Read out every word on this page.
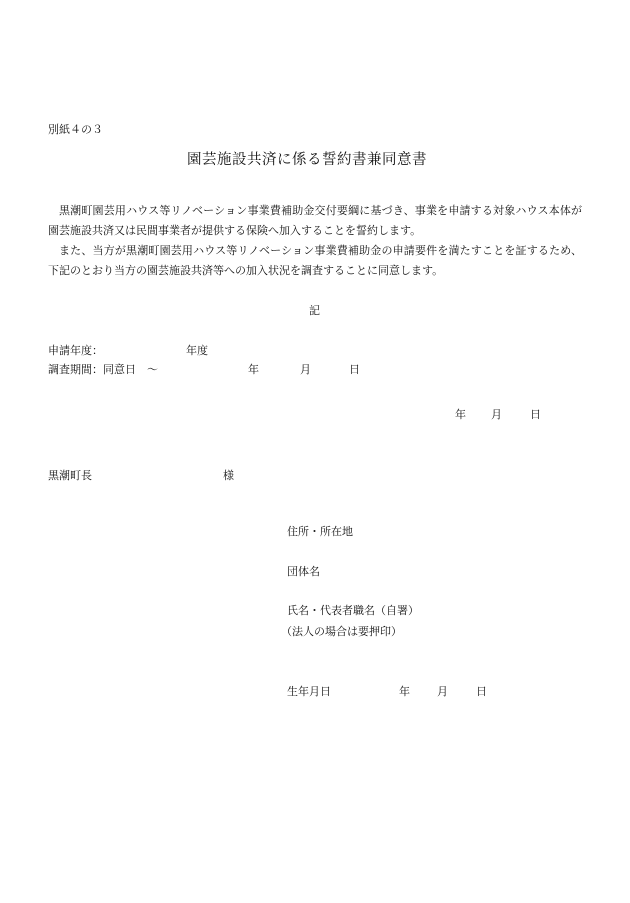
別紙４の３
園芸施設共済に係る誓約書兼同意書

黒潮町園芸用ハウス等リノベーション事業費補助金交付要綱に基づき、事業を申請する対象ハウス本体が園芸施設共済又は民間事業者が提供する保険へ加入することを誓約します。

また、当方が黒潮町園芸用ハウス等リノベーション事業費補助金の申請要件を満たすことを証するため、下記のとおり当方の園芸施設共済等への加入状況を調査することに同意します。

記
申請年度：	年度
調査期間：同意日　～	年	月	日
年 月	日
黒潮町長	様
住所・所在地
団体名
氏名・代表者職名（自署）
（法人の場合は要押印）
生年月日	年 月	日
